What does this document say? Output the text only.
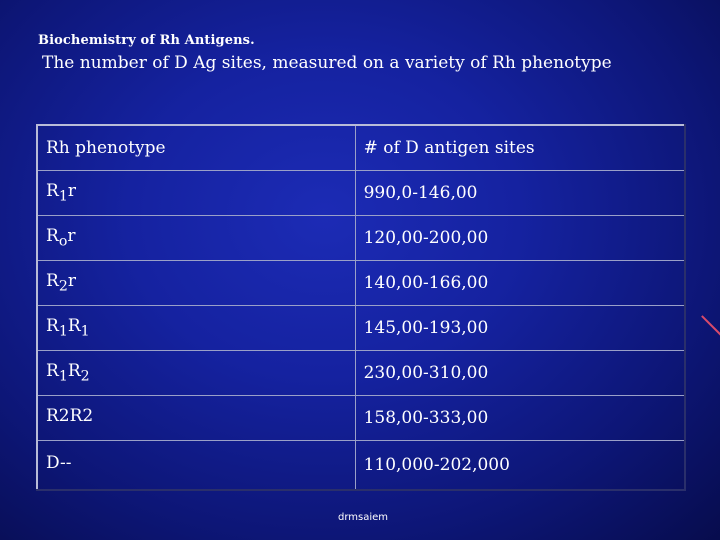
Biochemistry of Rh Antigens.
The number of D Ag sites, measured on a variety of Rh phenotype
Rh phenotype	# of D antigen sites
$R_1r$	990,0-146,00
$R_or$	120,00-200,00
$R_2r$	140,00-166,00
$R_1R_1$	145,00-193,00
$R_1R_2$	230,00-310,00
R2R2	158,00-333,00
D--	110,000-202,000
drmsaiem
